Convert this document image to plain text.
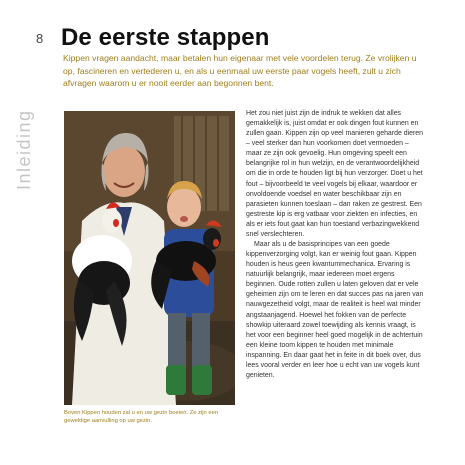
8 De eerste stappen

Kippen vragen aandacht, maar betalen hun eigenaar met vele voordelen terug. Ze vrolijken u op, fascineren en vertederen u, en als u eenmaal uw eerste paar vogels heeft, zult u zich afvragen waarom u er nooit eerder aan begonnen bent.

Inleiding

Boven Kippen houden zal u en uw gezin boeien. Ze zijn een geweldige aanvulling op uw gezin.

Het zou niet juist zijn de indruk te wekken dat alles gemakkelijk is, juist omdat er ook dingen fout kunnen en zullen gaan. Kippen zijn op veel manieren geharde dieren – veel sterker dan hun voorkomen doet vermoeden – maar ze zijn ook gevoelig. Hun omgeving speelt een belangrijke rol in hun welzijn, en de verantwoordelijkheid om die in orde te houden ligt bij hun verzorger. Doet u het fout – bijvoorbeeld te veel vogels bij elkaar, waardoor er onvoldoende voedsel en water beschikbaar zijn en parasieten kunnen toeslaan – dan raken ze gestrest. Een gestreste kip is erg vatbaar voor ziekten en infecties, en als er iets fout gaat kan hun toestand verbazingwekkend snel verslechteren.

Maar als u de basisprincipes van een goede kippenverzorging volgt, kan er weinig fout gaan. Kippen houden is heus geen kwantummechanica. Ervaring is natuurlijk belangrijk, maar iedereen moet ergens beginnen. Oude rotten zullen u laten geloven dat er vele geheimen zijn om te leren en dat succes pas na jaren van nauwgezetheid volgt, maar de realiteit is heel wat minder angstaanjagend. Hoewel het fokken van de perfecte showkip uiteraard zowel toewijding als kennis vraagt, is het voor een beginner heel goed mogelijk in de achtertuin een kleine toom kippen te houden met minimale inspanning. En daar gaat het in feite in dit boek over, dus lees vooral verder en leer hoe u echt van uw vogels kunt genieten.
